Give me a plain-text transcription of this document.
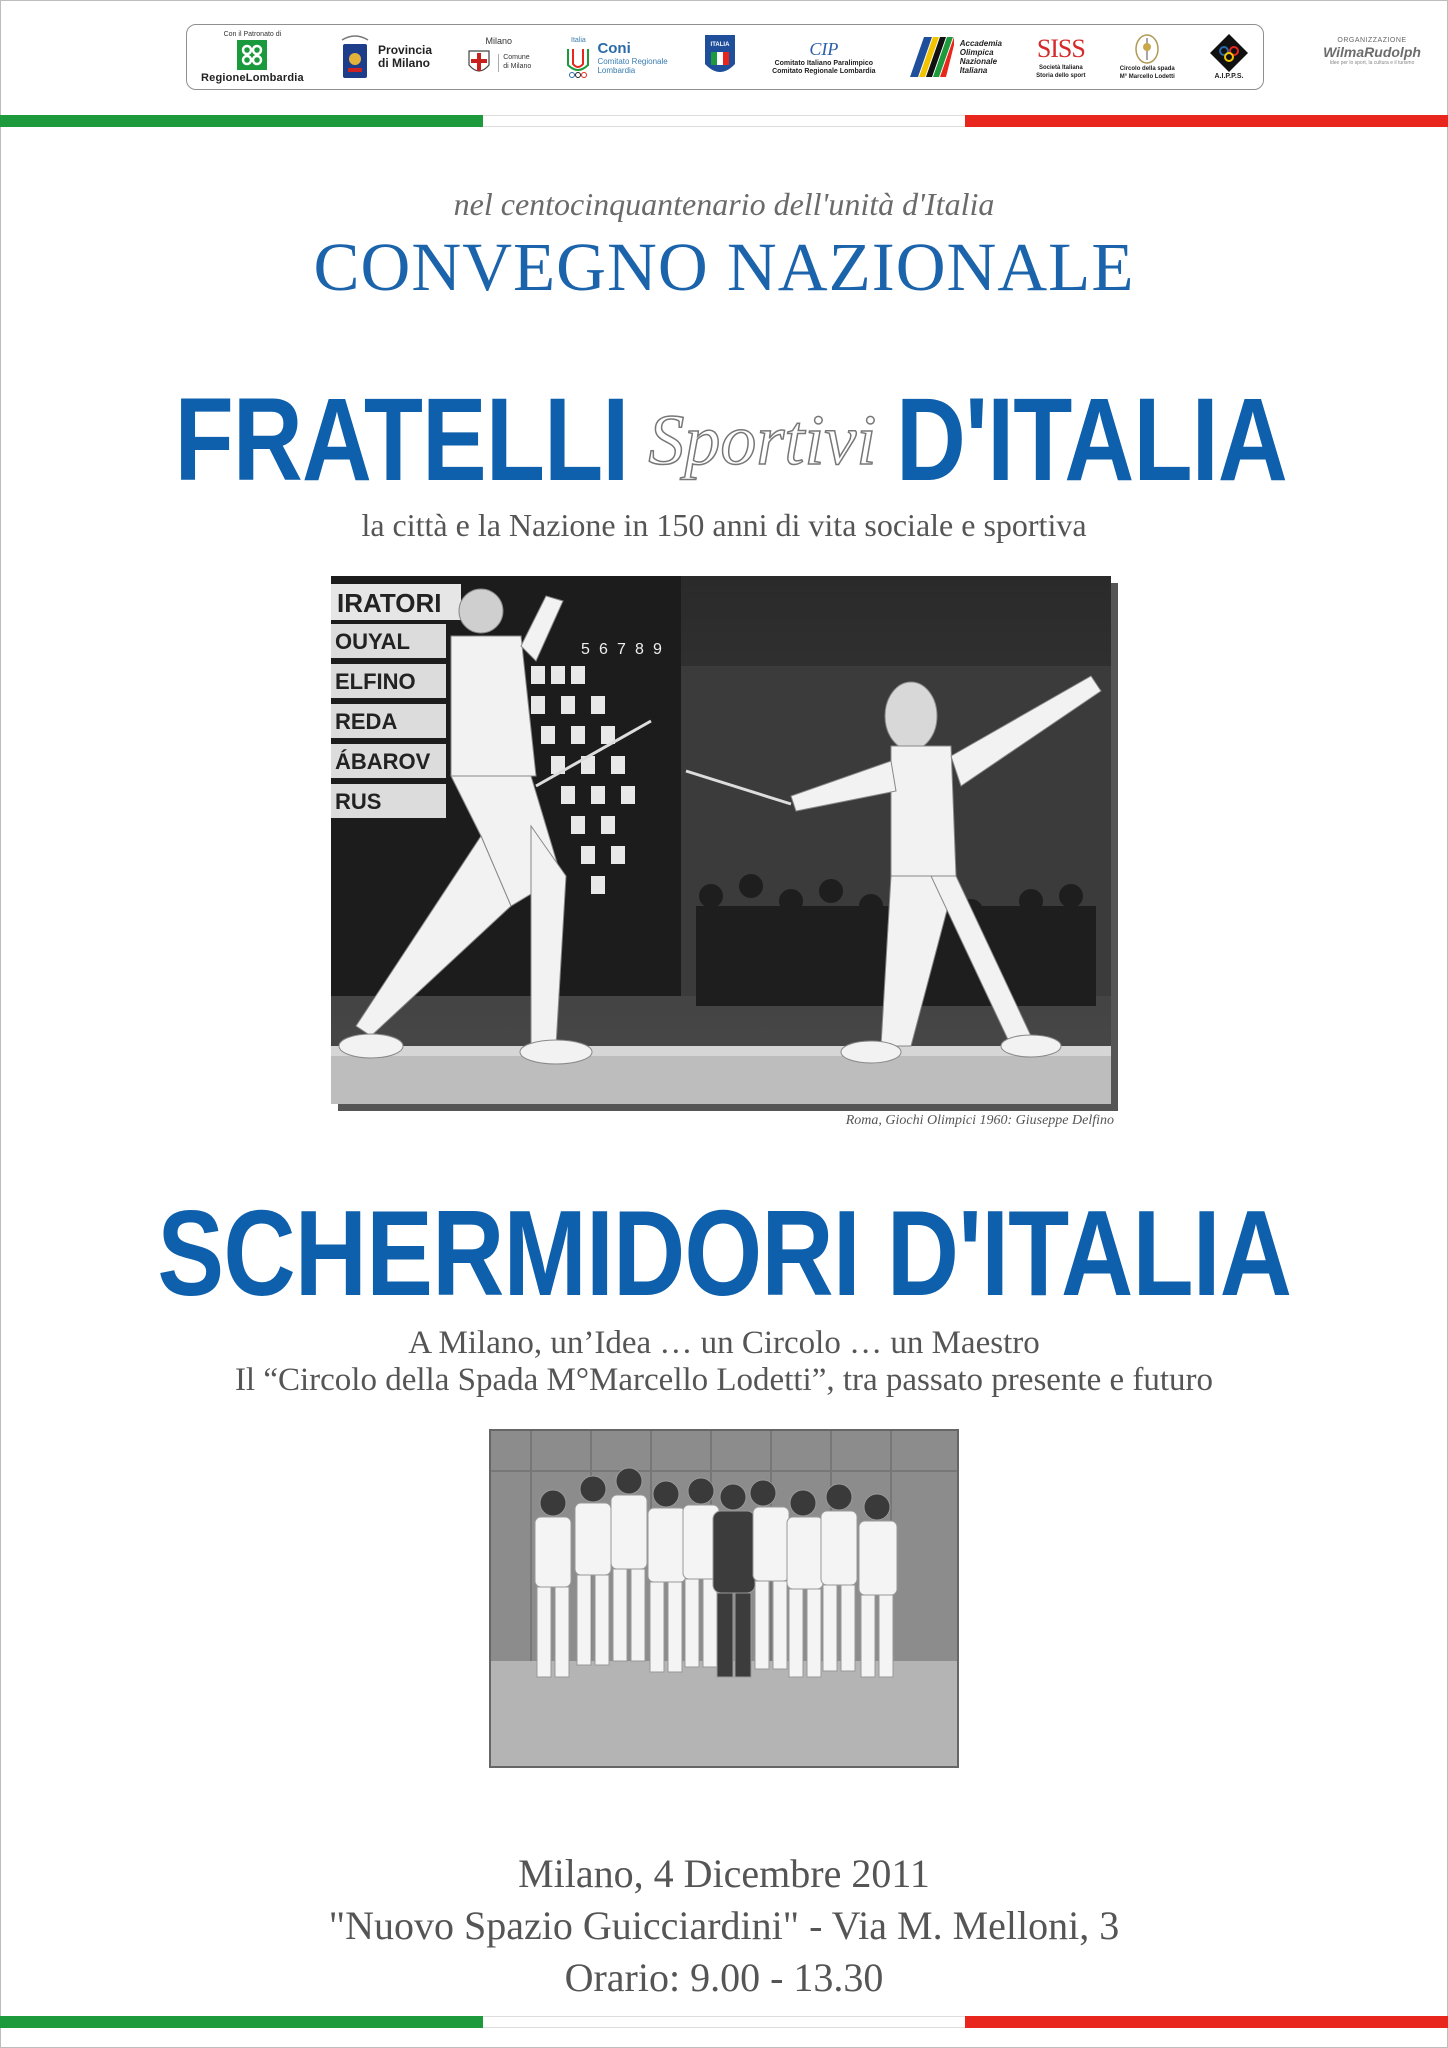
Con il Patronato di
RegioneLombardia
Provincia
di Milano
Milano
Comune
di Milano
Italia Coni
Comitato Regionale
Lombardia
ITALIA	CIP
Comitato Italiano Paralimpico
Comitato Regionale Lombardia
Accademia
Olimpica
Nazionale
Italiana
SISS
Società Italiana
Storia dello sport
Circolo della spada
M° Marcello Lodetti	A.I.P.P.S.
ORGANIZZAZIONE
WilmaRudolph
Idee per lo sport, la cultura e il turismo
nel centocinquantenario dell'unità d'Italia
CONVEGNO NAZIONALE
FRATELLI Sportivi D'ITALIA
la città e la Nazione in 150 anni di vita sociale e sportiva
IRATORI
OUYAL
ELFINO
REDA
ÁBAROV
RUS
5 6 7 8 9
Roma, Giochi Olimpici 1960: Giuseppe Delfino
SCHERMIDORI D'ITALIA
A Milano, un’Idea … un Circolo … un Maestro
Il “Circolo della Spada M°Marcello Lodetti”, tra passato presente e futuro
Milano, 4 Dicembre 2011
"Nuovo Spazio Guicciardini" - Via M. Melloni, 3
Orario: 9.00 - 13.30
